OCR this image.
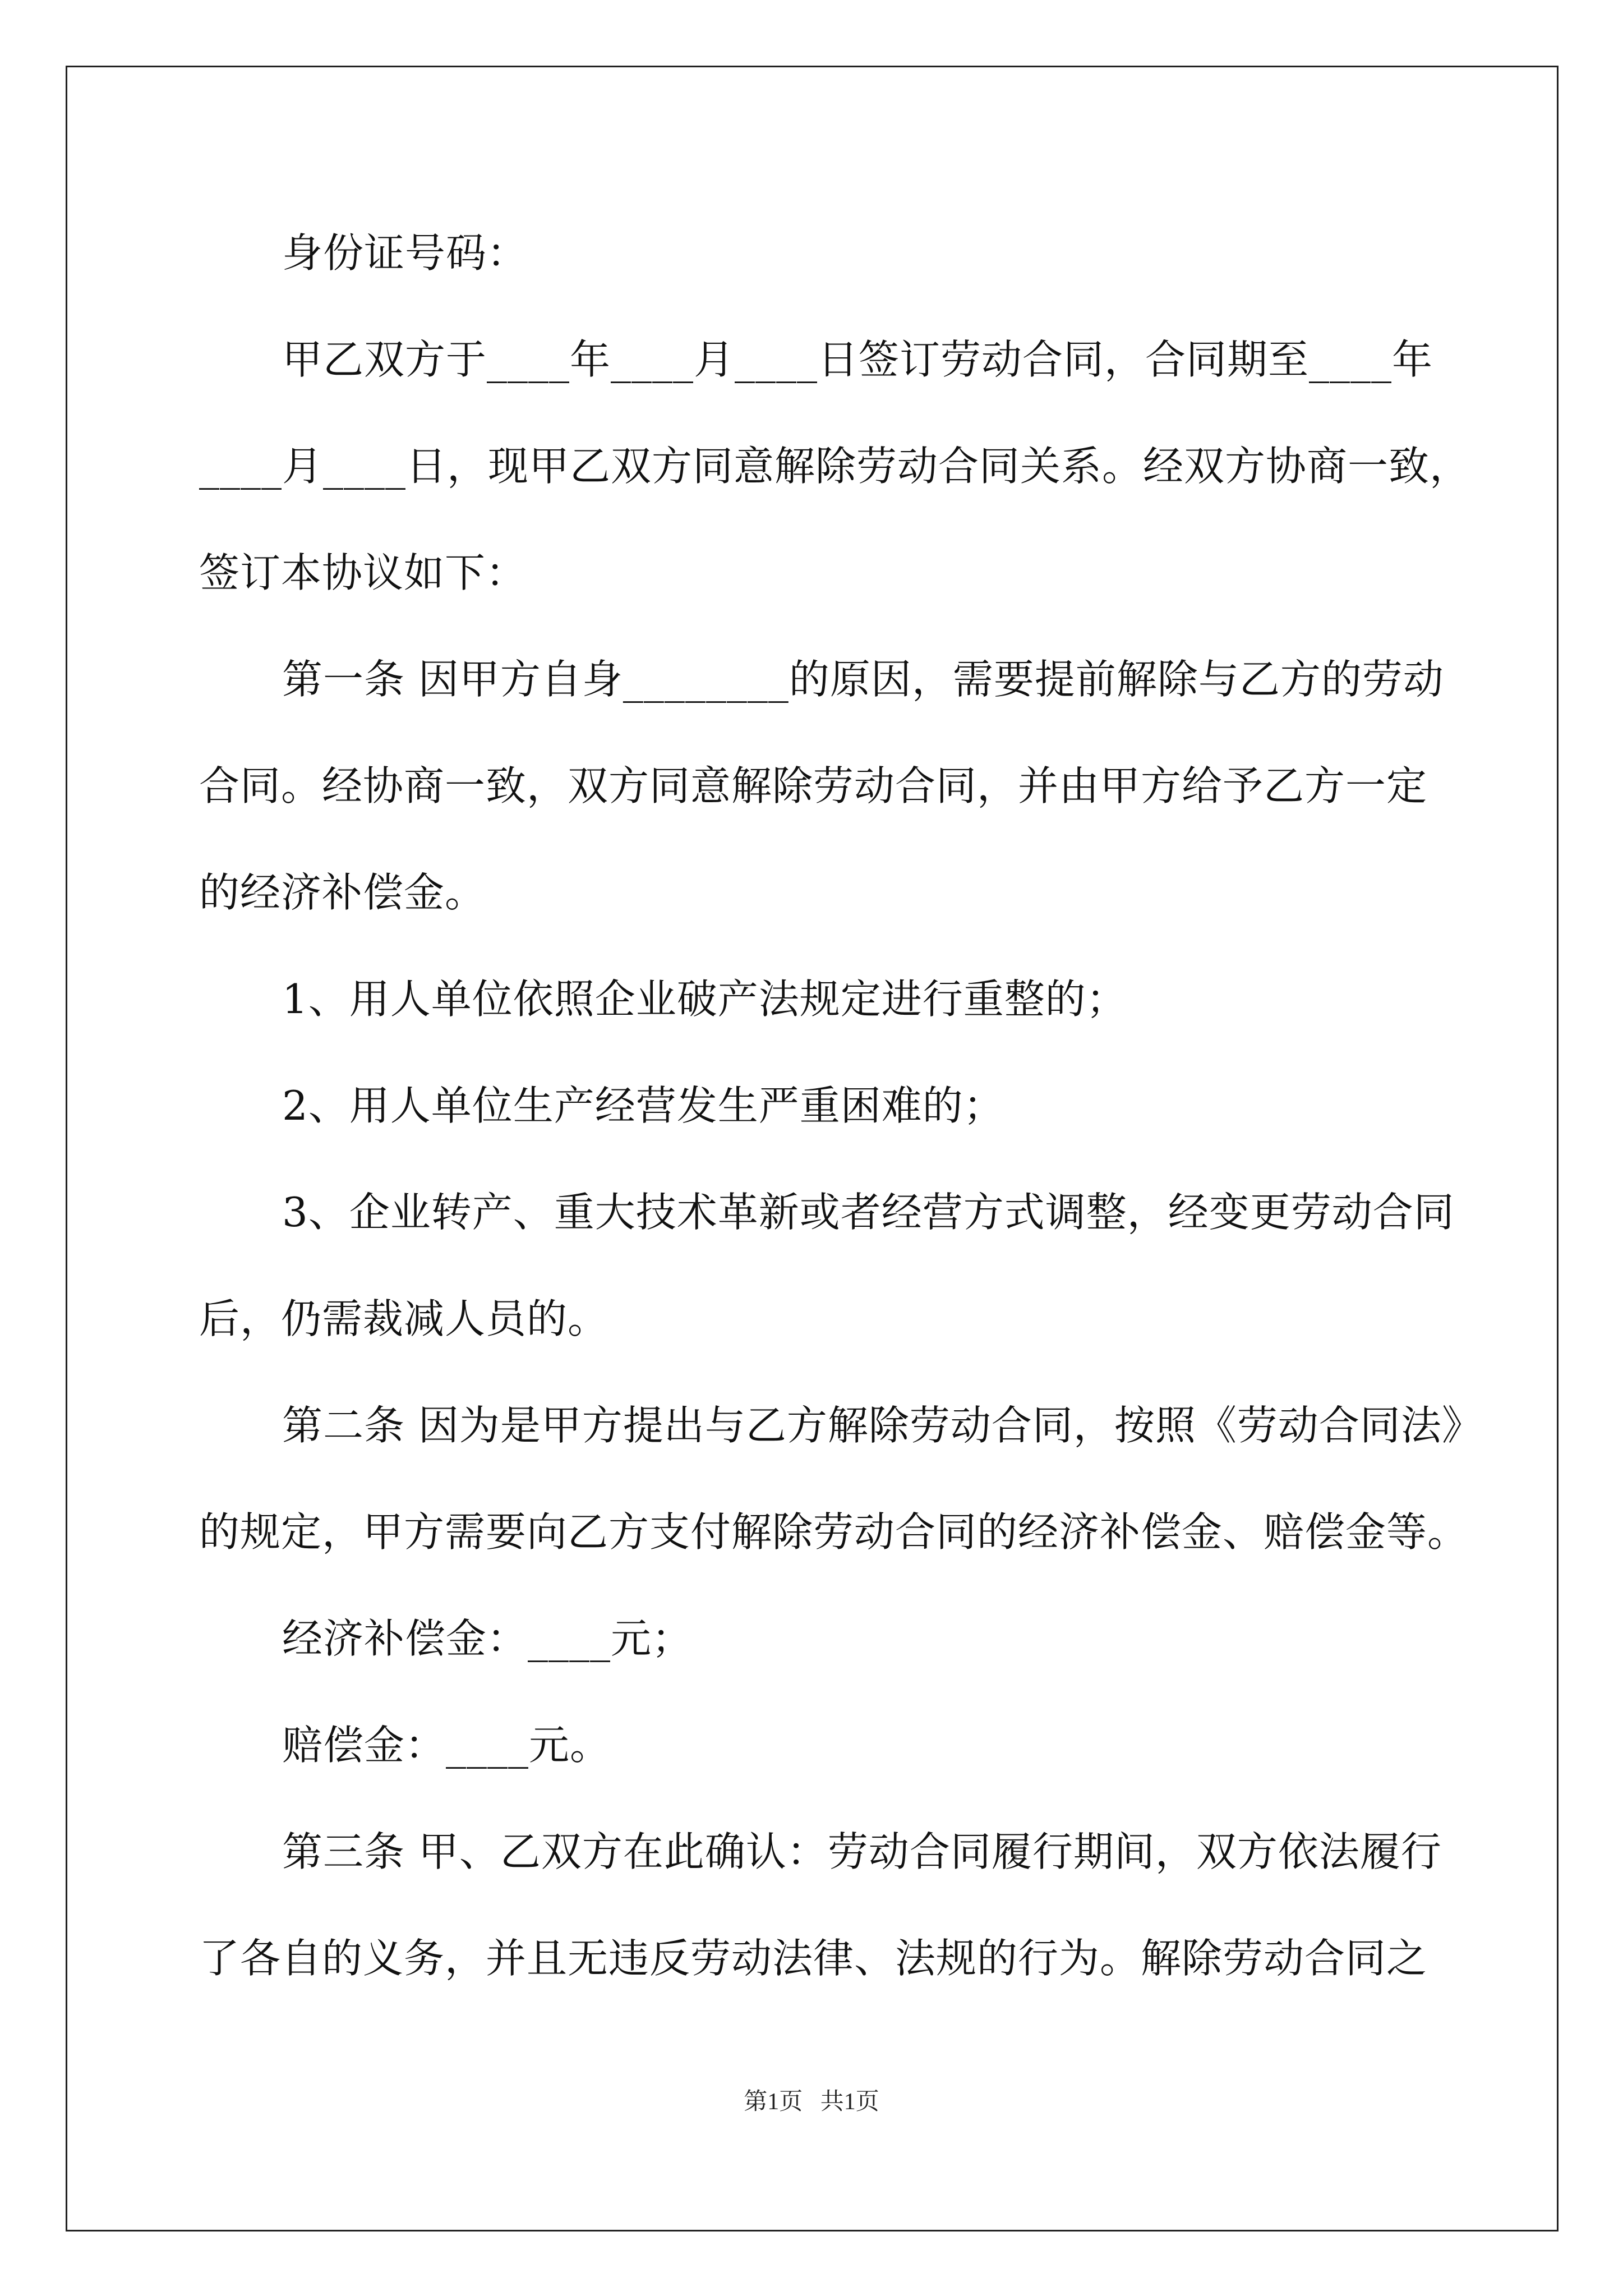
身份证号码：
甲乙双方于____年____月____日签订劳动合同，合同期至____年
____月____日，现甲乙双方同意解除劳动合同关系。经双方协商一致，
签订本协议如下：
第一条 因甲方自身________的原因，需要提前解除与乙方的劳动
合同。经协商一致，双方同意解除劳动合同，并由甲方给予乙方一定
的经济补偿金。
1、用人单位依照企业破产法规定进行重整的；
2、用人单位生产经营发生严重困难的；
3、企业转产、重大技术革新或者经营方式调整，经变更劳动合同
后，仍需裁减人员的。
第二条 因为是甲方提出与乙方解除劳动合同，按照《劳动合同法》
的规定，甲方需要向乙方支付解除劳动合同的经济补偿金、赔偿金等。
经济补偿金：____元；
赔偿金：____元。
第三条 甲、乙双方在此确认：劳动合同履行期间，双方依法履行
了各自的义务，并且无违反劳动法律、法规的行为。解除劳动合同之
第1页   共1页
